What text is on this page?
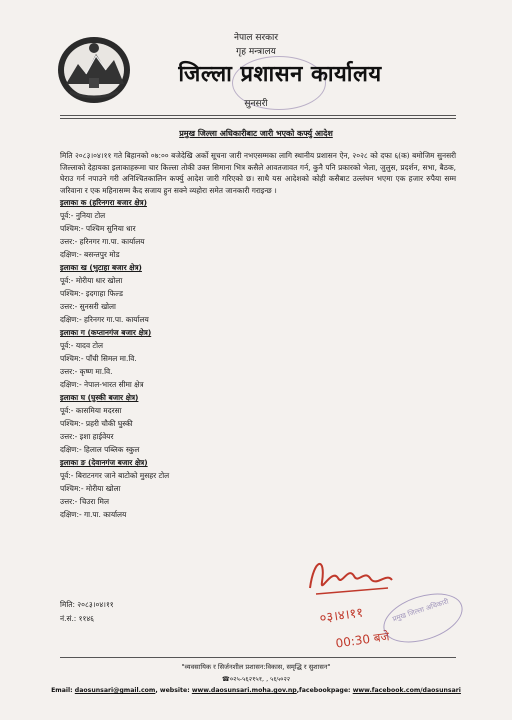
नेपाल सरकार
गृह मन्त्रालय
जिल्ला प्रशासन कार्यालय
सुनसरी
प्रमुख जिल्ला अधिकारीबाट जारी भएको कर्फ्यु आदेश
मिति २०८३।०४।११ गते बिहानको ०७:०० बजेदेखि अर्को सूचना जारी नभएसम्मका लागि स्थानीय प्रशासन ऐन, २०२८ को दफा ६(क) बमोजिम सुनसरी जिल्लाको देहायका इलाकाहरूमा चार किल्ला तोकी उक्त सिमाना भित्र कसैले आवतजावत गर्न, कुनै पनि प्रकारको भेला, जुलुस, प्रदर्शन, सभा, बैठक, घेराउ गर्न नपाउने गरी अनिश्चितकालिन कर्फ्यु आदेश जारी गरिएको छ। साथै यस आदेशको कोही कसैबाट उल्लंघन भएमा एक हजार रुपैया सम्म जरिवाना र एक महिनासम्म कैद सजाय हुन सक्ने व्यहोरा समेत जानकारी गराइन्छ ।
इलाका क (हरिनगरा बजार क्षेत्र)
पूर्व:- नुनिया टोल
पश्चिम:- पश्चिम सुनिया धार
उत्तर:- हरिनगर गा.पा. कार्यालय
दक्षिण:- बसन्तपुर मोड
इलाका ख (भुटाहा बजार क्षेत्र)
पूर्व:- मोरीया धार खोला
पश्चिम:- इदगाहा फिल्ड
उत्तर:- सुनसरी खोला
दक्षिण:- हरिनगर गा.पा. कार्यालय
इलाका ग (कप्तानगंज बजार क्षेत्र)
पूर्व:- यादव टोल
पश्चिम:- पाँची सिमल मा.वि.
उत्तर:- कृष्ण मा.वि.
दक्षिण:- नेपाल-भारत सीमा क्षेत्र
इलाका घ (घुस्की बजार क्षेत्र)
पूर्व:- कासमिया मदरसा
पश्चिम:- प्रहरी चौकी घुस्की
उत्तर:- इशा हाईवेयर
दक्षिण:- हिलाल पब्लिक स्कुल
इलाका ङ (देवानगंज बजार क्षेत्र)
पूर्व:- बिराटनगर जाने बाटोको मुसहर टोल
पश्चिम:- मोरीया खोला
उत्तर:- चिउरा मिल
दक्षिण:- गा.पा. कार्यालय
मिति: २०८३।०४।११
नं.सं.: ११४६	०३।४।११
00:30 बजे
प्रमुख जिल्ला अधिकारी
"व्यवसायिक र सिर्जनशील प्रशासन:विकास, समृद्धि र सुशासन"
☎०२५-५६२१५१, , ५६५०२२
Email: daosunsari@gmail.com, website: www.daosunsari.moha.gov.np,facebookpage: www.facebook.com/daosunsari
